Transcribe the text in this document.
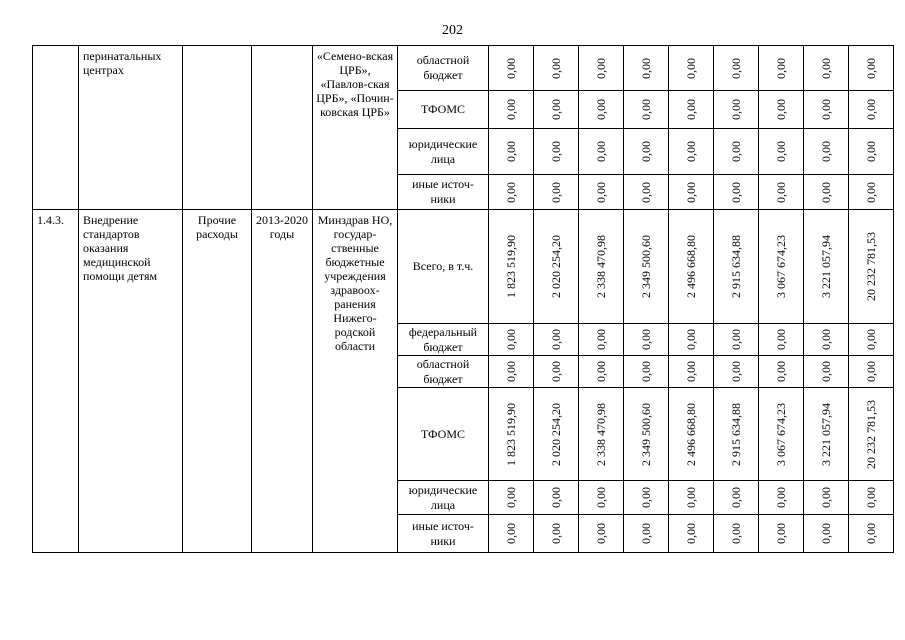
202
	перинатальных центрах			«Семено-вская ЦРБ», «Павлов-ская ЦРБ», «Почин-ковская ЦРБ»	областной бюджет	0,00	0,00	0,00	0,00	0,00	0,00	0,00	0,00	0,00

					ТФОМС	0,00	0,00	0,00	0,00	0,00	0,00	0,00	0,00	0,00

					юридические лица	0,00	0,00	0,00	0,00	0,00	0,00	0,00	0,00	0,00

					иные источ-ники	0,00	0,00	0,00	0,00	0,00	0,00	0,00	0,00	0,00

1.4.3.	Внедрение стандартов оказания медицинской помощи детям	Прочие расходы	2013-2020 годы	Минздрав НО, государ-ственные бюджетные учреждения здравоох-ранения Нижего-родской области	Всего, в т.ч.	1 823 519,90	2 020 254,20	2 338 470,98	2 349 500,60	2 496 668,80	2 915 634,88	3 067 674,23	3 221 057,94	20 232 781,53

					федеральный бюджет	0,00	0,00	0,00	0,00	0,00	0,00	0,00	0,00	0,00

					областной бюджет	0,00	0,00	0,00	0,00	0,00	0,00	0,00	0,00	0,00

					ТФОМС	1 823 519,90	2 020 254,20	2 338 470,98	2 349 500,60	2 496 668,80	2 915 634,88	3 067 674,23	3 221 057,94	20 232 781,53

					юридические лица	0,00	0,00	0,00	0,00	0,00	0,00	0,00	0,00	0,00

					иные источ-ники	0,00	0,00	0,00	0,00	0,00	0,00	0,00	0,00	0,00
